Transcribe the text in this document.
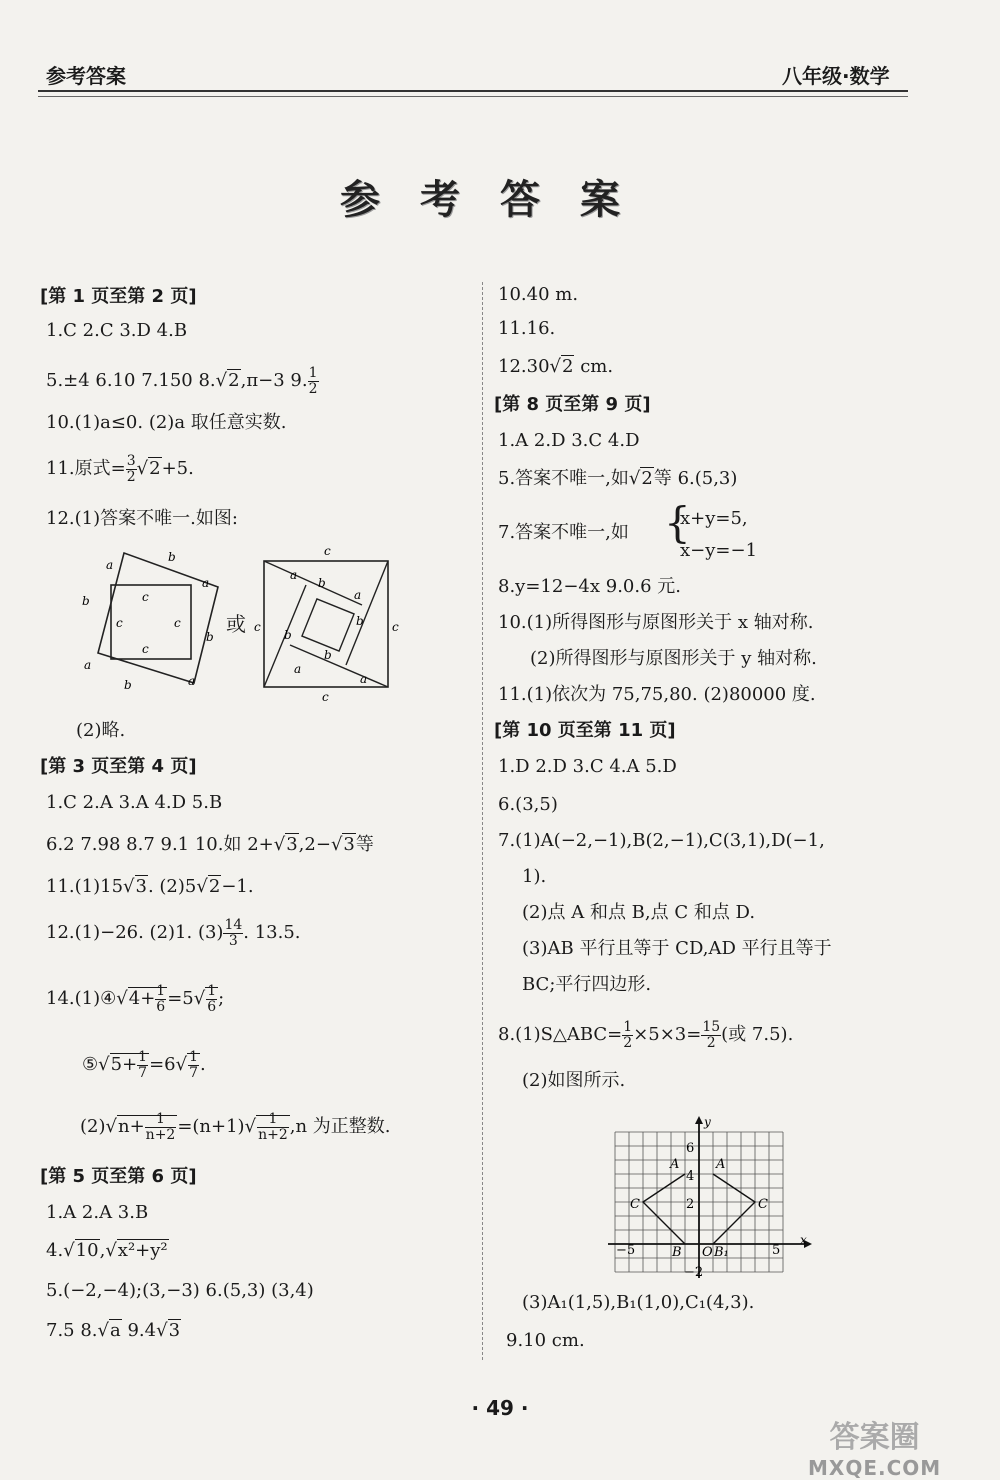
参考答案	八年级·数学
参考答案
[第 1 页至第 2 页]
1.C 2.C 3.D 4.B
5.±4 6.10 7.150 8.√2,π−3 9. $\frac{1}{2}$
10.(1)a≤0. (2)a 取任意实数.
11.原式= $\frac{3}{2} √2+5$.
12.(1)答案不唯一.如图:
a
b
a
b	c
c	c
c
b
a
b	a
或
c
a
b
c
a
b c
b
a
b
a
c
(2)略.
[第 3 页至第 4 页]
1.C 2.A 3.A 4.D 5.B
6.2 7.98 8.7 9.1 10.如 2+√3,2−√3等
11.(1)15√3. (2)5√2−1.
12.(1)−26. (2)1. $(3) \frac{14}{3}$ . 13.5.
14.(1)④√4+ $\frac{1}{6} =5√ \frac{1}{6}$ ;
⑤√5+ $\frac{1}{7} =6√ \frac{1}{7}$ .
$(2)√n+ \frac{1}{n+2} =(n+1)√ \frac{1}{n+2} ,n$ 为正整数.
[第 5 页至第 6 页]
1.A 2.A 3.B
4.√10,√x²+y²
5.(−2,−4);(3,−3) 6.(5,3) (3,4)
7.5 8.√a 9.4√3
10.40 m.
11.16.
12.30√2 cm.
[第 8 页至第 9 页]
1.A 2.D 3.C 4.D
5.答案不唯一,如√2等 6.(5,3)
7.答案不唯一,如 {
x+y=5,
x−y=−1
8.y=12−4x 9.0.6 元.
10.(1)所得图形与原图形关于 x 轴对称.
(2)所得图形与原图形关于 y 轴对称.
11.(1)依次为 75,75,80. (2)80000 度.
[第 10 页至第 11 页]
1.D 2.D 3.C 4.A 5.D
6.(3,5)
7.(1)A(−2,−1),B(2,−1),C(3,1),D(−1,
1).
(2)点 A 和点 B,点 C 和点 D.
(3)AB 平行且等于 CD,AD 平行且等于
BC;平行四边形.
8.(1)S△ABC= $\frac{1}{2} \times 5\times 3= \frac{15}{2}$ (或 7.5).
(2)如图所示.
x
y
6
4
2
−2
−5	5
O
A	A
C	C
B B₁
(3)A₁(1,5),B₁(1,0),C₁(4,3).
9.10 cm.
· 49 ·
答案圈
MXQE.COM
